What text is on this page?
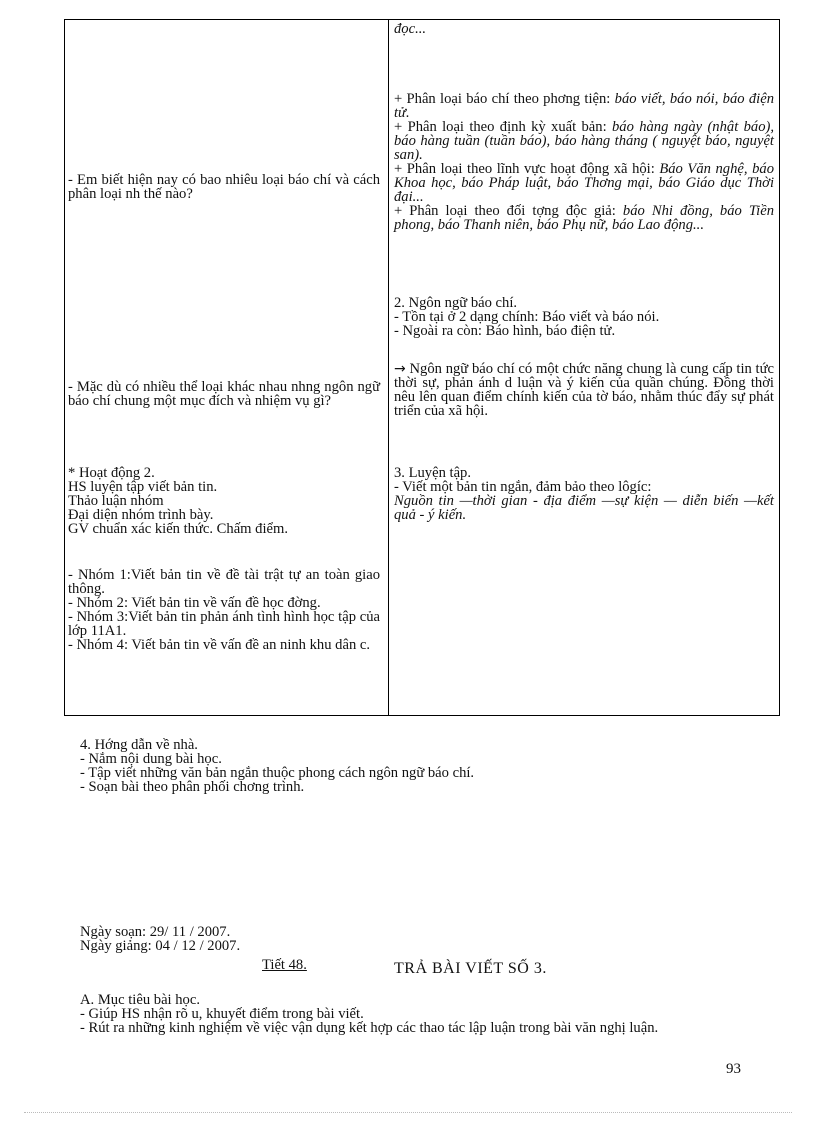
đọc...
- Em biết hiện nay có bao nhiêu loại báo chí và cách phân loại nh thế nào?

+ Phân loại báo chí theo phơng tiện: báo viết, báo nói, báo điện tử.

+ Phân loại theo định kỳ xuất bản: báo hàng ngày (nhật báo), báo hàng tuần (tuần báo), báo hàng tháng ( nguyệt báo, nguyệt san).

+ Phân loại theo lĩnh vực hoạt động xã hội: Báo Văn nghệ, báo Khoa học, báo Pháp luật, báo Thơng mại, báo Giáo dục Thời đại...

+ Phân loại theo đối tợng độc giả: báo Nhi đồng, báo Tiền phong, báo Thanh niên, báo Phụ nữ, báo Lao động...

2. Ngôn ngữ báo chí.

- Tồn tại ở 2 dạng chính: Báo viết và báo nói.

- Ngoài ra còn: Báo hình, báo điện tử.

- Mặc dù có nhiều thể loại khác nhau nhng ngôn ngữ báo chí chung một mục đích và nhiệm vụ gì?

→ Ngôn ngữ báo chí có một chức năng chung là cung cấp tin tức thời sự, phản ánh d luận và ý kiến của quần chúng. Đồng thời nêu lên quan điểm chính kiến của tờ báo, nhằm thúc đẩy sự phát triển của xã hội.

* Hoạt động 2.

HS luyện tập viết bản tin.

Thảo luận nhóm

Đại diện nhóm trình bày.

GV chuẩn xác kiến thức. Chấm điểm.

3. Luyện tập.

- Viết một bản tin ngắn, đảm bảo theo lôgíc:

Nguồn tin —thời gian - địa điểm —sự kiện — diễn biến —kết quả - ý kiến.

- Nhóm 1:Viết bản tin về đề tài trật tự an toàn giao thông.

- Nhóm 2: Viết bản tin về vấn đề học đờng.

- Nhóm 3:Viết bản tin phản ánh tình hình học tập của lớp 11A1.

- Nhóm 4: Viết bản tin về vấn đề an ninh khu dân c.

4. Hớng dẫn về nhà.
- Nắm nội dung bài học.
- Tập viết những văn bản ngắn thuộc phong cách ngôn ngữ báo chí.
- Soạn bài theo phân phối chơng trình.
Ngày soạn: 29/ 11 / 2007.
Ngày giảng: 04 / 12 / 2007.
Tiết 48.	TRẢ BÀI VIẾT SỐ 3.
A. Mục tiêu bài học.
- Giúp HS nhận rõ u, khuyết điểm trong bài viết.
- Rút ra những kinh nghiệm về việc vận dụng kết hợp các thao tác lập luận trong bài văn nghị luận.
93
